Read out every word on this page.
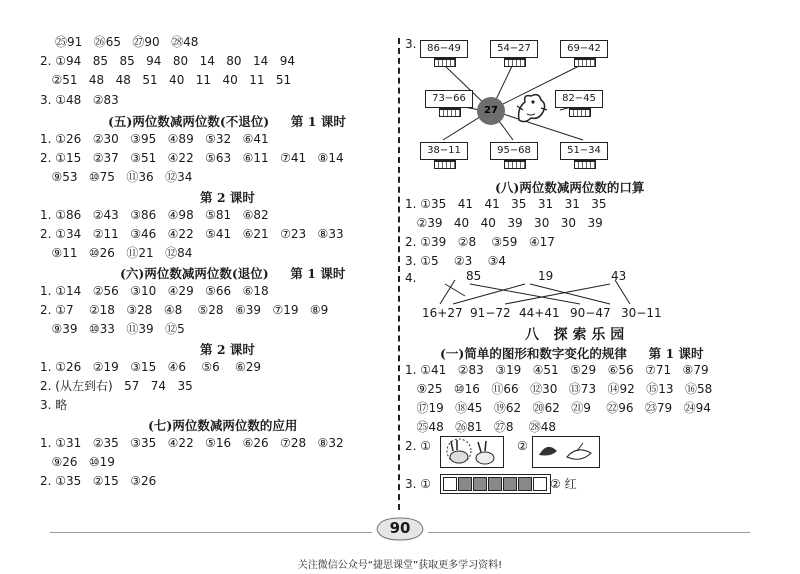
㉕91   ㉖65   ㉗90   ㉘48
2. ①94   85   85   94   80   14   80   14   94
②51   48   48   51   40   11   40   11   51
3. ①48   ②83
(五)两位数减两位数(不退位)     第 1 课时
1. ①26   ②30   ③95   ④89   ⑤32   ⑥41
2. ①15   ②37   ③51   ④22   ⑤63   ⑥11   ⑦41   ⑧14
⑨53   ⑩75   ⑪36   ⑫34
第 2 课时
1. ①86   ②43   ③86   ④98   ⑤81   ⑥82
2. ①34   ②11   ③46   ④22   ⑤41   ⑥21   ⑦23   ⑧33
⑨11   ⑩26   ⑪21   ⑫84
(六)两位数减两位数(退位)     第 1 课时
1. ①14   ②56   ③10   ④29   ⑤66   ⑥18
2. ①7    ②18   ③28   ④8    ⑤28   ⑥39   ⑦19   ⑧9
⑨39   ⑩33   ⑪39   ⑫5
第 2 课时
1. ①26   ②19   ③15   ④6    ⑤6    ⑥29
2. (从左到右)   57   74   35
3. 略
(七)两位数减两位数的应用
1. ①31   ②35   ③35   ④22   ⑤16   ⑥26   ⑦28   ⑧32
⑨26   ⑩19
2. ①35   ②15   ③26
3.	86−49	54−27	69−42
73−66	82−45
38−11	95−68	51−34
27
(八)两位数减两位数的口算
1. ①35   41   41   35   31   31   35
②39   40   40   39   30   30   39
2. ①39   ②8    ③59   ④17
3. ①5    ②3    ③4
4.	85	19	43
16+27 91−72 44+41 90−47 30−11
八   探 索 乐 园
(一)简单的图形和数字变化的规律     第 1 课时
1. ①41   ②83   ③19   ④51   ⑤29   ⑥56   ⑦71   ⑧79
⑨25   ⑩16   ⑪66   ⑫30   ⑬73   ⑭92   ⑮13   ⑯58
⑰19   ⑱45   ⑲62   ⑳62   ㉑9    ㉒96   ㉓79   ㉔94
㉕48   ㉖81   ㉗8    ㉘48
2. ①	②
3. ①	② 红
90
关注微信公众号“捷思课堂”获取更多学习资料!
